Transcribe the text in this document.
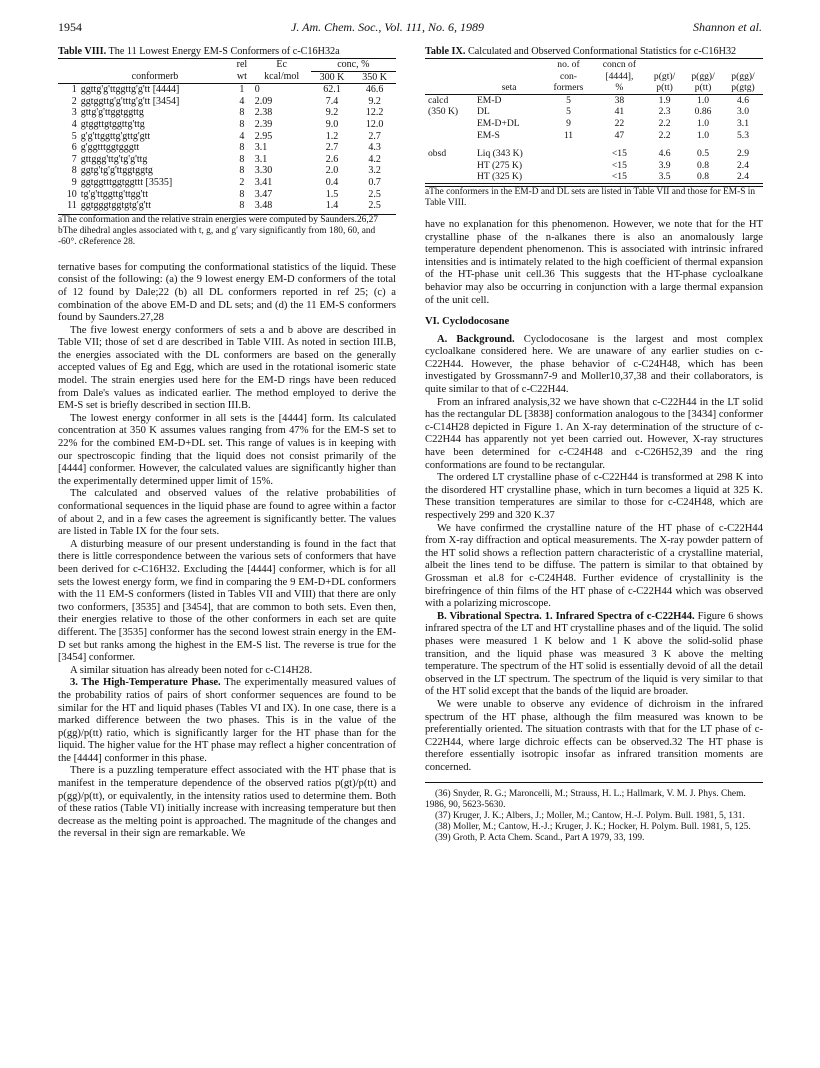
1954	J. Am. Chem. Soc., Vol. 111, No. 6, 1989	Shannon et al.
Table VIII. The 11 Lowest Energy EM-S Conformers of c-C16H32a
		rel	Ec	conc, %	
	conformerb	wt	kcal/mol	300 K	350 K
1	ggttg'g'ttggttg'g'tt [4444]	1	0	62.1	46.6
2	ggtggttg'g'tttg'g'tt [3454]	4	2.09	7.4	9.2
3	gttg'g'ttggtggttg	8	2.38	9.2	12.2
4	gtggttgtggttg'ttg	8	2.39	9.0	12.0
5	g'g'ttggttg'gttg'gtt	4	2.95	1.2	2.7
6	g'ggtttggtgggtt	8	3.1	2.7	4.3
7	gttggg'ttg'tg'g'ttg	8	3.1	2.6	4.2
8	ggtg'tg'g'ttggtggtg	8	3.30	2.0	3.2
9	ggtggtttggtggttt [3535]	2	3.41	0.4	0.7
10	tg'g'ttggttg'ttgg'tt	8	3.47	1.5	2.5
11	ggtgggtggtgtg'g'tt	8	3.48	1.4	2.5
aThe conformation and the relative strain energies were computed by Saunders.26,27 bThe dihedral angles associated with t, g, and g' vary significantly from 180, 60, and -60°. cReference 28.

ternative bases for computing the conformational statistics of the liquid. These consist of the following: (a) the 9 lowest energy EM-D conformers of the total of 12 found by Dale;22 (b) all DL conformers reported in ref 25; (c) a combination of the above EM-D and DL sets; and (d) the 11 EM-S conformers found by Saunders.27,28

The five lowest energy conformers of sets a and b above are described in Table VII; those of set d are described in Table VIII. As noted in section III.B, the energies associated with the DL conformers are based on the generally accepted values of Eg and Egg, which are used in the rotational isomeric state model. The strain energies used here for the EM-D rings have been reduced from Dale's values as indicated earlier. The method employed to derive the EM-S set is briefly described in section III.B.

The lowest energy conformer in all sets is the [4444] form. Its calculated concentration at 350 K assumes values ranging from 47% for the EM-S set to 22% for the combined EM-D+DL set. This range of values is in keeping with our spectroscopic finding that the liquid does not consist primarily of the [4444] conformer. However, the calculated values are significantly higher than the experimentally determined upper limit of 15%.

The calculated and observed values of the relative probabilities of conformational sequences in the liquid phase are found to agree within a factor of about 2, and in a few cases the agreement is significantly better. The values are listed in Table IX for the four sets.

A disturbing measure of our present understanding is found in the fact that there is little correspondence between the various sets of conformers that have been derived for c-C16H32. Excluding the [4444] conformer, which is for all sets the lowest energy form, we find in comparing the 9 EM-D+DL conformers with the 11 EM-S conformers (listed in Tables VII and VIII) that there are only two conformers, [3535] and [3454], that are common to both sets. Even then, their energies relative to those of the other conformers in each set are quite different. The [3535] conformer has the second lowest strain energy in the EM-D set but ranks among the highest in the EM-S list. The reverse is true for the [3454] conformer.

A similar situation has already been noted for c-C14H28.

3. The High-Temperature Phase. The experimentally measured values of the probability ratios of pairs of short conformer sequences are found to be similar for the HT and liquid phases (Tables VI and IX). In one case, there is a marked difference between the two phases. This is in the value of the p(gg)/p(tt) ratio, which is significantly larger for the HT phase than for the liquid. The higher value for the HT phase may reflect a higher concentration of the [4444] conformer in this phase.

There is a puzzling temperature effect associated with the HT phase that is manifest in the temperature dependence of the observed ratios p(gt)/p(tt) and p(gg)/p(tt), or equivalently, in the intensity ratios used to determine them. Both of these ratios (Table VI) initially increase with increasing temperature but then decrease as the melting point is approached. The magnitude of the changes and the reversal in their sign are remarkable. We

Table IX. Calculated and Observed Conformational Statistics for c-C16H32
		no. of	concn of			
		con-	[4444],	p(gt)/	p(gg)/	p(gg)/
	seta	formers	%	p(tt)	p(tt)	p(gtg)
calcd	EM-D	5	38	1.9	1.0	4.6
(350 K)	DL	5	41	2.3	0.86	3.0
	EM-D+DL	9	22	2.2	1.0	3.1
	EM-S	11	47	2.2	1.0	5.3
obsd	Liq (343 K)		<15	4.6	0.5	2.9
	HT (275 K)		<15	3.9	0.8	2.4
	HT (325 K)		<15	3.5	0.8	2.4
aThe conformers in the EM-D and DL sets are listed in Table VII and those for EM-S in Table VIII.

have no explanation for this phenomenon. However, we note that for the HT crystalline phase of the n-alkanes there is also an anomalously large temperature dependent phenomenon. This is associated with intrinsic infrared intensities and is intimately related to the high coefficient of thermal expansion of the HT-phase unit cell.36 This suggests that the HT-phase cycloalkane behavior may also be occurring in conjunction with a large thermal expansion of the unit cell.

VI. Cyclodocosane

A. Background. Cyclodocosane is the largest and most complex cycloalkane considered here. We are unaware of any earlier studies on c-C22H44. However, the phase behavior of c-C24H48, which has been investigated by Grossmann7-9 and Moller10,37,38 and their collaborators, is quite similar to that of c-C22H44.

From an infrared analysis,32 we have shown that c-C22H44 in the LT solid has the rectangular DL [3838] conformation analogous to the [3434] conformer c-C14H28 depicted in Figure 1. An X-ray determination of the structure of c-C22H44 has apparently not yet been carried out. However, X-ray structures have been determined for c-C24H48 and c-C26H52,39 and the ring conformations are found to be rectangular.

The ordered LT crystalline phase of c-C22H44 is transformed at 298 K into the disordered HT crystalline phase, which in turn becomes a liquid at 325 K. These transition temperatures are similar to those for c-C24H48, which are respectively 299 and 320 K.37

We have confirmed the crystalline nature of the HT phase of c-C22H44 from X-ray diffraction and optical measurements. The X-ray powder pattern of the HT solid shows a reflection pattern characteristic of a crystalline material, albeit the lines tend to be diffuse. The pattern is similar to that obtained by Grossman et al.8 for c-C24H48. Further evidence of crystallinity is the birefringence of thin films of the HT phase of c-C22H44 which was observed with a polarizing microscope.

B. Vibrational Spectra. 1. Infrared Spectra of c-C22H44. Figure 6 shows infrared spectra of the LT and HT crystalline phases and of the liquid. The solid phases were measured 1 K below and 1 K above the solid-solid phase transition, and the liquid phase was measured 3 K above the melting temperature. The spectrum of the HT solid is essentially devoid of all the detail observed in the LT spectrum. The spectrum of the liquid is very similar to that of the HT solid except that the bands of the liquid are broader.

We were unable to observe any evidence of dichroism in the infrared spectrum of the HT phase, although the film measured was known to be preferentially oriented. The situation contrasts with that for the LT phase of c-C22H44, where large dichroic effects can be observed.32 The HT phase is therefore essentially isotropic insofar as infrared transition moments are concerned.

(36) Snyder, R. G.; Maroncelli, M.; Strauss, H. L.; Hallmark, V. M. J. Phys. Chem. 1986, 90, 5623-5630.
(37) Kruger, J. K.; Albers, J.; Moller, M.; Cantow, H.-J. Polym. Bull. 1981, 5, 131.
(38) Moller, M.; Cantow, H.-J.; Kruger, J. K.; Hocker, H. Polym. Bull. 1981, 5, 125.
(39) Groth, P. Acta Chem. Scand., Part A 1979, 33, 199.
